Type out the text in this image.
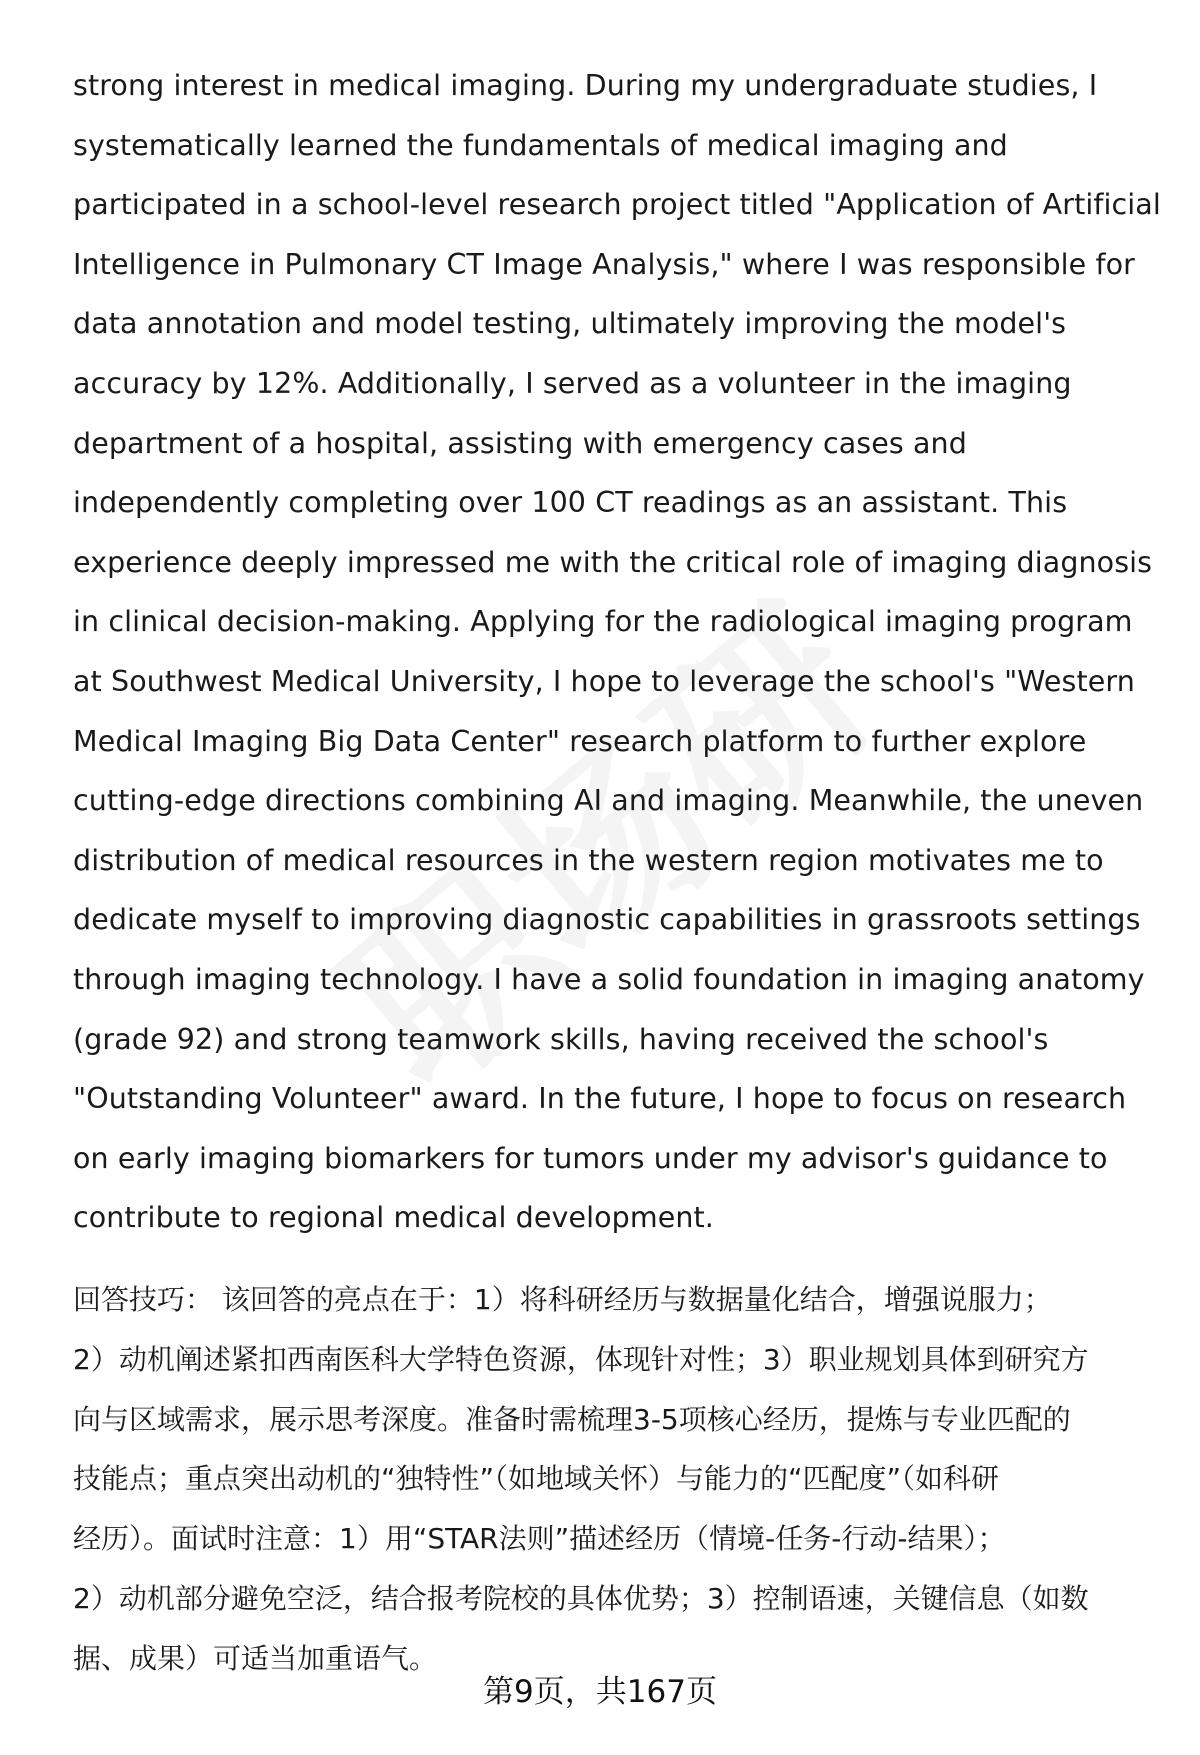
strong interest in medical imaging. During my undergraduate studies, I
systematically learned the fundamentals of medical imaging and
participated in a school-level research project titled "Application of Artificial
Intelligence in Pulmonary CT Image Analysis," where I was responsible for
data annotation and model testing, ultimately improving the model's
accuracy by 12%. Additionally, I served as a volunteer in the imaging
department of a hospital, assisting with emergency cases and
independently completing over 100 CT readings as an assistant. This
experience deeply impressed me with the critical role of imaging diagnosis
in clinical decision-making. Applying for the radiological imaging program
at Southwest Medical University, I hope to leverage the school's "Western
Medical Imaging Big Data Center" research platform to further explore
cutting-edge directions combining AI and imaging. Meanwhile, the uneven
distribution of medical resources in the western region motivates me to
dedicate myself to improving diagnostic capabilities in grassroots settings
through imaging technology. I have a solid foundation in imaging anatomy
(grade 92) and strong teamwork skills, having received the school's
"Outstanding Volunteer" award. In the future, I hope to focus on research
on early imaging biomarkers for tumors under my advisor's guidance to
contribute to regional medical development.
回答技巧： 该回答的亮点在于：1）将科研经历与数据量化结合，增强说服力；
2）动机阐述紧扣西南医科大学特色资源，体现针对性；3）职业规划具体到研究方
向与区域需求，展示思考深度。准备时需梳理3-5项核心经历，提炼与专业匹配的
技能点；重点突出动机的“独特性”（如地域关怀）与能力的“匹配度”（如科研
经历）。面试时注意：1）用“STAR法则”描述经历（情境-任务-行动-结果）；
2）动机部分避免空泛，结合报考院校的具体优势；3）控制语速，关键信息（如数
据、成果）可适当加重语气。
第9页，共167页
